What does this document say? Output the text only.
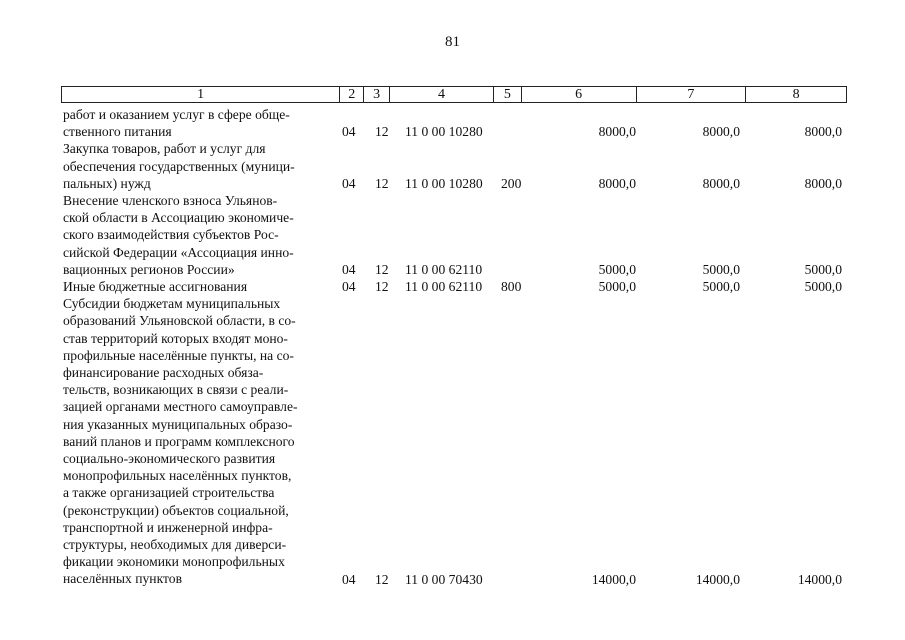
81
1	2	3	4	5	6	7	8
работ и оказанием услуг в сфере обще-
ственного питания	04 12 11 0 00 10280	8000,0	8000,0	8000,0
Закупка товаров, работ и услуг для
обеспечения государственных (муници-
пальных) нужд	04 12 11 0 00 10280 200	8000,0	8000,0	8000,0
Внесение членского взноса Ульянов-
ской области в Ассоциацию экономиче-
ского взаимодействия субъектов Рос-
сийской Федерации «Ассоциация инно-
вационных регионов России»	04 12 11 0 00 62110	5000,0	5000,0	5000,0
Иные бюджетные ассигнования	04 12 11 0 00 62110 800	5000,0	5000,0	5000,0
Субсидии бюджетам муниципальных
образований Ульяновской области, в со-
став территорий которых входят моно-
профильные населённые пункты, на со-
финансирование расходных обяза-
тельств, возникающих в связи с реали-
зацией органами местного самоуправле-
ния указанных муниципальных образо-
ваний планов и программ комплексного
социально-экономического развития
монопрофильных населённых пунктов,
а также организацией строительства
(реконструкции) объектов социальной,
транспортной и инженерной инфра-
структуры, необходимых для диверси-
фикации экономики монопрофильных
населённых пунктов	04 12 11 0 00 70430	14000,0	14000,0	14000,0
